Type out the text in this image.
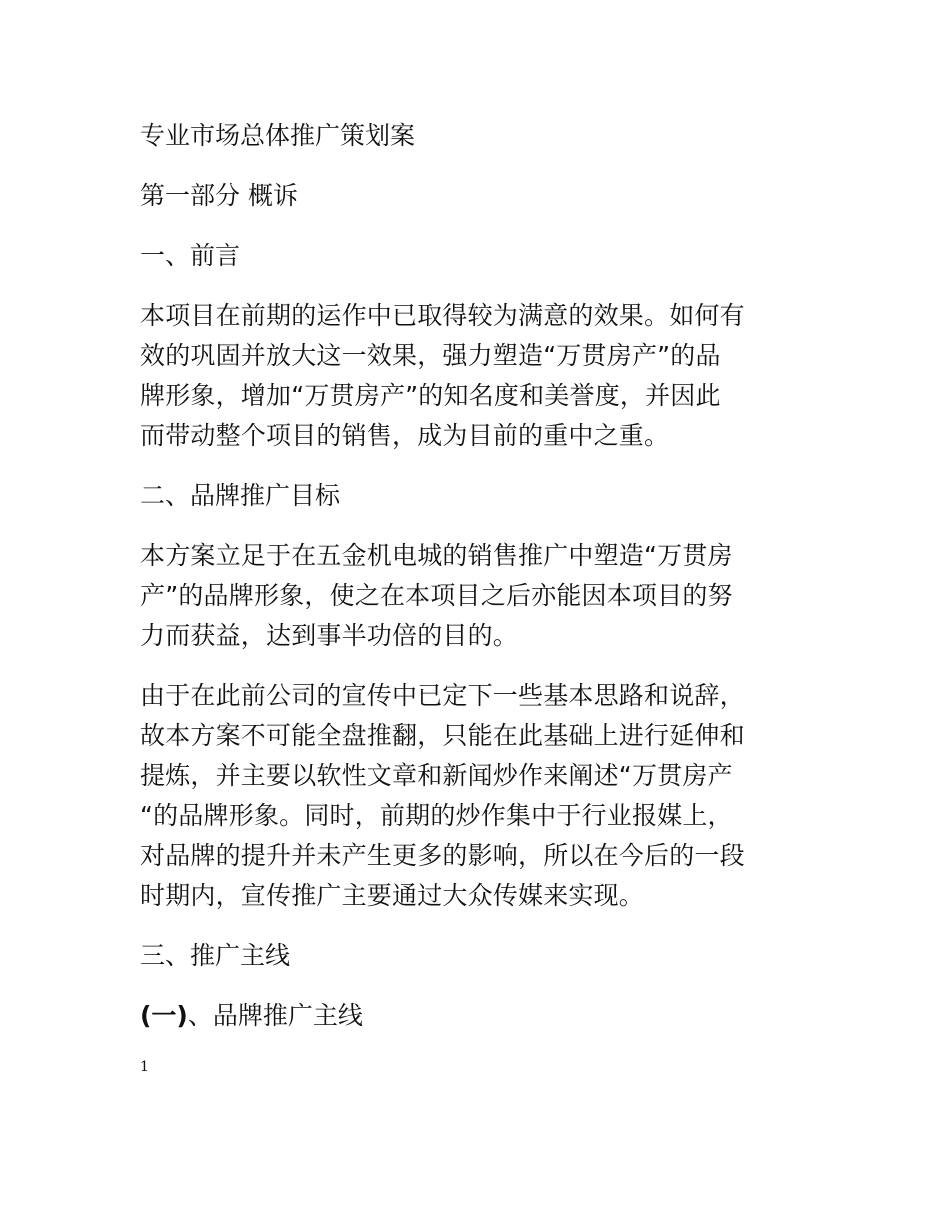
专业市场总体推广策划案

第一部分 概诉

一、前言

本项目在前期的运作中已取得较为满意的效果。如何有

效的巩固并放大这一效果，强力塑造“万贯房产”的品

牌形象，增加“万贯房产”的知名度和美誉度，并因此

而带动整个项目的销售，成为目前的重中之重。

二、品牌推广目标

本方案立足于在五金机电城的销售推广中塑造“万贯房

产”的品牌形象，使之在本项目之后亦能因本项目的努

力而获益，达到事半功倍的目的。

由于在此前公司的宣传中已定下一些基本思路和说辞，

故本方案不可能全盘推翻，只能在此基础上进行延伸和

提炼，并主要以软性文章和新闻炒作来阐述“万贯房产

“的品牌形象。同时，前期的炒作集中于行业报媒上，

对品牌的提升并未产生更多的影响，所以在今后的一段

时期内，宣传推广主要通过大众传媒来实现。

三、推广主线

(一)、品牌推广主线

1
